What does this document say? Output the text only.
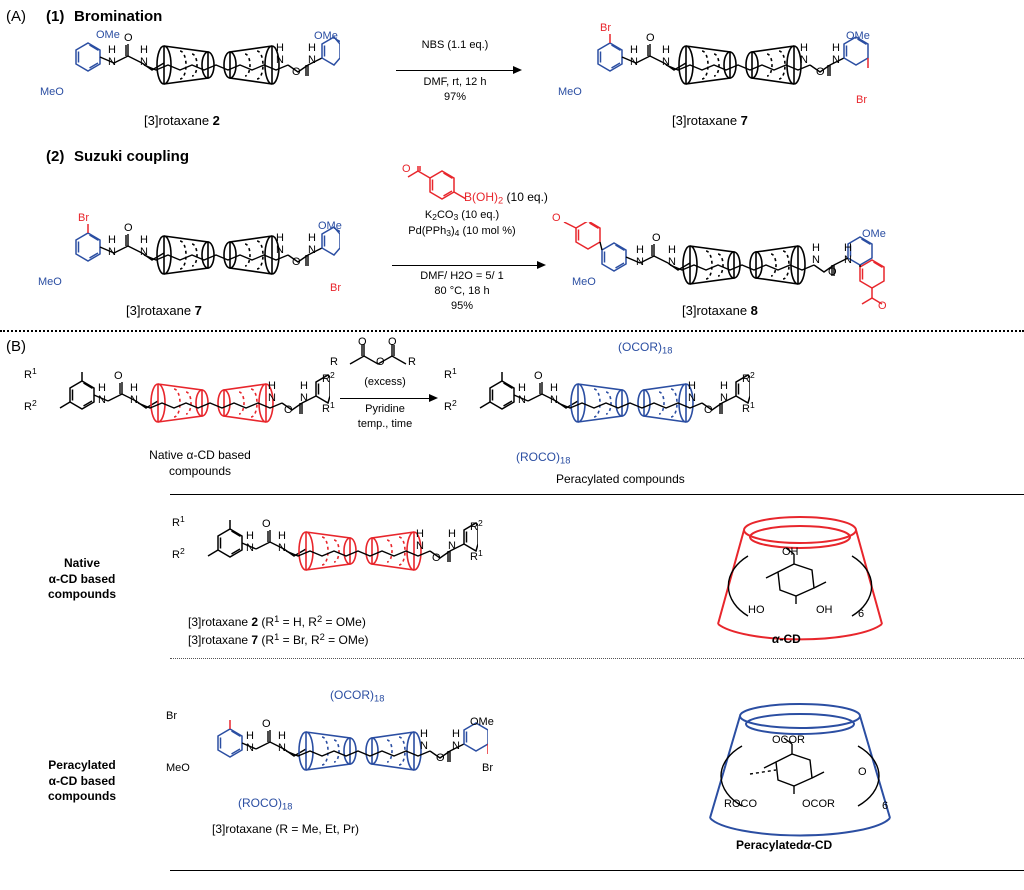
(A) (1) Bromination
OMe
MeO
OMe
H
N
O
H
N
H
N
O
H
N
[3]rotaxane 2
NBS (1.1 eq.)
DMF, rt, 12 h
97%
Br
MeO
OMe
Br
H
N
O
H
N
H
N
O
H
N
[3]rotaxane 7
(2) Suzuki coupling
Br
MeO
OMe
Br
H
N
O
H
N
H
N
O
H
N
[3]rotaxane 7
O
$B(OH)_2$ (10 eq.)
$K_2CO_3$ (10 eq.)
$Pd(PPh_3)_4$ (10 mol %)
DMF/ H2O = 5/ 1
80 °C, 18 h
95%
O
MeO
OMe
O
H
N
O
H
N
H
N
O
H
N
[3]rotaxane 8
(B)
$R^1$
$R^2$
$R^2$
H
N
O
H
N
H
N
O
H
N
$R^1$
Native α-CD based
compounds
R
O
O
O
R
(excess)
Pyridine
temp., time
$R^1$
$R^2$
$R^2$
$R^1$
H
N
O
H
N
H
N
O
H
N
$(OCOR)_{18}$
$(ROCO)_{18}$
Peracylated compounds
Native
α-CD based
compounds
$R^1$
$R^2$
$R^2$
$R^1$
H
N
O
H
N
H
N
O
H
N
[3]rotaxane 2 ($R^1 = H$, $R^2 = OMe$)
[3]rotaxane 7 ($R^1 = Br$, $R^2 = OMe$)
OH
HO	OH 6
α-CD
Peracylated
α-CD based
compounds
Br
MeO
OMe
Br
H
N
O
H
N
H
N
O
H
N
$(OCOR)_{18}$
$(ROCO)_{18}$
[3]rotaxane (R = Me, Et, Pr)
OCOR
ROCO	OCOR
O
6
Peracylatedα-CD
